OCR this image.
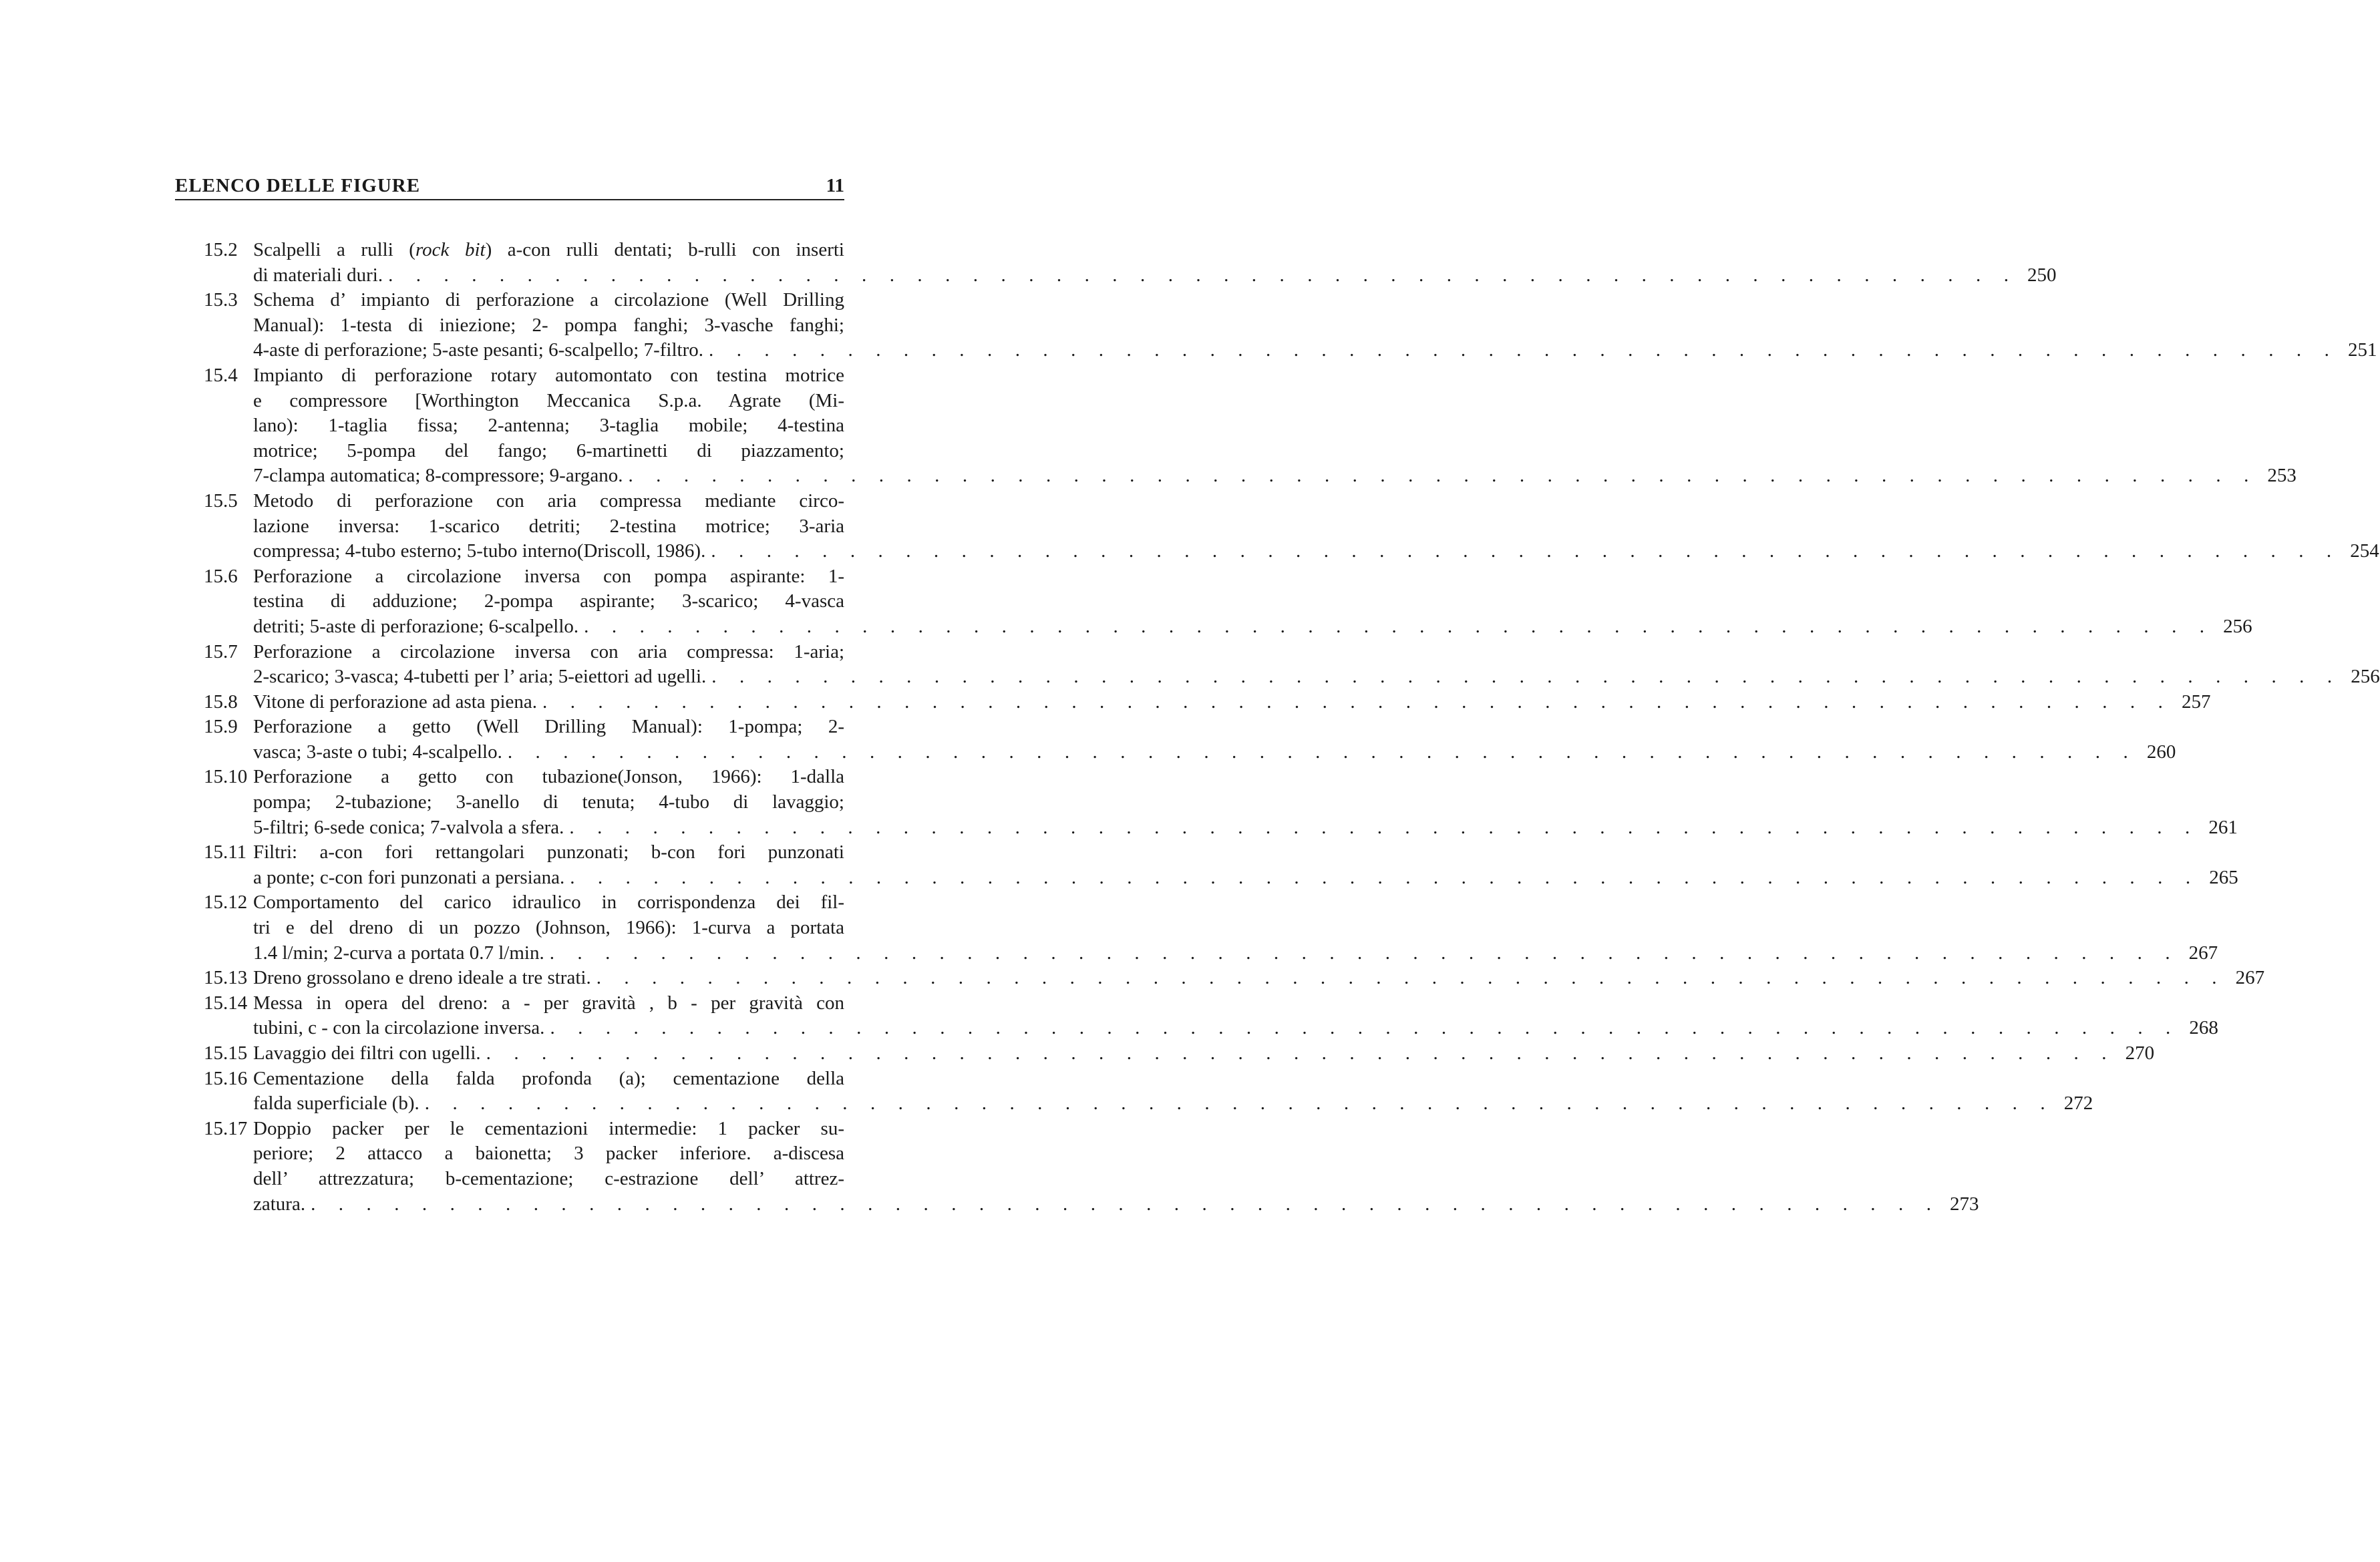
ELENCO DELLE FIGURE	11
15.2 Scalpelli a rulli (rock bit) a-con rulli dentati; b-rulli con inserti
di materiali duri. . . . . . . . . . . . . . . . . . . . . . . . . . . . . . . . . . . . . . . . . . . . . . . . . . . . . . . . . . . . 250
15.3 Schema d’ impianto di perforazione a circolazione (Well Drilling
Manual): 1-testa di iniezione; 2- pompa fanghi; 3-vasche fanghi;
4-aste di perforazione; 5-aste pesanti; 6-scalpello; 7-filtro. . . . . . . . . . . . . . . . . . . . . . . . . . . . . . . . . . . . . . . . . . . . . . . . . . . . . . . . . . . . 251
15.4 Impianto di perforazione rotary automontato con testina motrice
e compressore [Worthington Meccanica S.p.a. Agrate (Mi-
lano): 1-taglia fissa; 2-antenna; 3-taglia mobile; 4-testina
motrice; 5-pompa del fango; 6-martinetti di piazzamento;
7-clampa automatica; 8-compressore; 9-argano. . . . . . . . . . . . . . . . . . . . . . . . . . . . . . . . . . . . . . . . . . . . . . . . . . . . . . . . . . . . 253
15.5 Metodo di perforazione con aria compressa mediante circo-
lazione inversa: 1-scarico detriti; 2-testina motrice; 3-aria
compressa; 4-tubo esterno; 5-tubo interno(Driscoll, 1986). . . . . . . . . . . . . . . . . . . . . . . . . . . . . . . . . . . . . . . . . . . . . . . . . . . . . . . . . . . . 254
15.6 Perforazione a circolazione inversa con pompa aspirante: 1-
testina di adduzione; 2-pompa aspirante; 3-scarico; 4-vasca
detriti; 5-aste di perforazione; 6-scalpello. . . . . . . . . . . . . . . . . . . . . . . . . . . . . . . . . . . . . . . . . . . . . . . . . . . . . . . . . . . . 256
15.7 Perforazione a circolazione inversa con aria compressa: 1-aria;
2-scarico; 3-vasca; 4-tubetti per l’ aria; 5-eiettori ad ugelli. . . . . . . . . . . . . . . . . . . . . . . . . . . . . . . . . . . . . . . . . . . . . . . . . . . . . . . . . . . . 256
15.8 Vitone di perforazione ad asta piena. . . . . . . . . . . . . . . . . . . . . . . . . . . . . . . . . . . . . . . . . . . . . . . . . . . . . . . . . . . . 257
15.9 Perforazione a getto (Well Drilling Manual): 1-pompa; 2-
vasca; 3-aste o tubi; 4-scalpello. . . . . . . . . . . . . . . . . . . . . . . . . . . . . . . . . . . . . . . . . . . . . . . . . . . . . . . . . . . . 260
15.10 Perforazione a getto con tubazione(Jonson, 1966): 1-dalla
pompa; 2-tubazione; 3-anello di tenuta; 4-tubo di lavaggio;
5-filtri; 6-sede conica; 7-valvola a sfera. . . . . . . . . . . . . . . . . . . . . . . . . . . . . . . . . . . . . . . . . . . . . . . . . . . . . . . . . . . . 261
15.11 Filtri: a-con fori rettangolari punzonati; b-con fori punzonati
a ponte; c-con fori punzonati a persiana. . . . . . . . . . . . . . . . . . . . . . . . . . . . . . . . . . . . . . . . . . . . . . . . . . . . . . . . . . . . 265
15.12 Comportamento del carico idraulico in corrispondenza dei fil-
tri e del dreno di un pozzo (Johnson, 1966): 1-curva a portata
1.4 l/min; 2-curva a portata 0.7 l/min. . . . . . . . . . . . . . . . . . . . . . . . . . . . . . . . . . . . . . . . . . . . . . . . . . . . . . . . . . . . 267
15.13 Dreno grossolano e dreno ideale a tre strati. . . . . . . . . . . . . . . . . . . . . . . . . . . . . . . . . . . . . . . . . . . . . . . . . . . . . . . . . . . . 267
15.14 Messa in opera del dreno: a - per gravità , b - per gravità con
tubini, c - con la circolazione inversa. . . . . . . . . . . . . . . . . . . . . . . . . . . . . . . . . . . . . . . . . . . . . . . . . . . . . . . . . . . . 268
15.15 Lavaggio dei filtri con ugelli. . . . . . . . . . . . . . . . . . . . . . . . . . . . . . . . . . . . . . . . . . . . . . . . . . . . . . . . . . . . 270
15.16 Cementazione della falda profonda (a); cementazione della
falda superficiale (b). . . . . . . . . . . . . . . . . . . . . . . . . . . . . . . . . . . . . . . . . . . . . . . . . . . . . . . . . . . . 272
15.17 Doppio packer per le cementazioni intermedie: 1 packer su-
periore; 2 attacco a baionetta; 3 packer inferiore. a-discesa
dell’ attrezzatura; b-cementazione; c-estrazione dell’ attrez-
zatura. . . . . . . . . . . . . . . . . . . . . . . . . . . . . . . . . . . . . . . . . . . . . . . . . . . . . . . . . . . . 273
